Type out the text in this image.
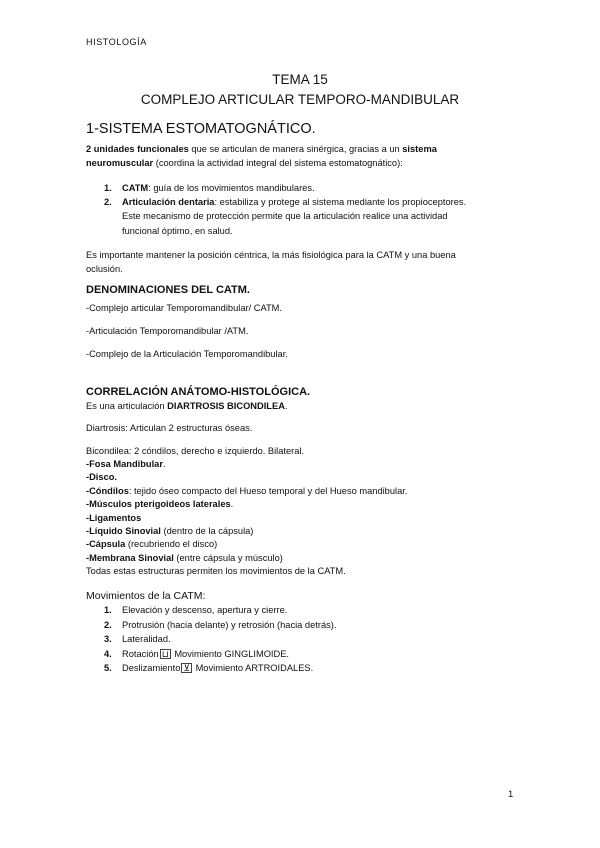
HISTOLOGÍA
TEMA 15
COMPLEJO ARTICULAR TEMPORO-MANDIBULAR
1-SISTEMA ESTOMATOGNÁTICO.
2 unidades funcionales que se articulan de manera sinérgica, gracias a un sistema
neuromuscular (coordina la actividad integral del sistema estomatognático):
1. CATM: guía de los movimientos mandibulares.
2. Articulación dentaria: estabiliza y protege al sistema mediante los propioceptores.
Este mecanismo de protección permite que la articulación realice una actividad
funcional óptimo, en salud.
Es importante mantener la posición céntrica, la más fisiológica para la CATM y una buena
oclusión.
DENOMINACIONES DEL CATM.
-Complejo articular Temporomandibular/ CATM.
-Articulación Temporomandibular /ATM.
-Complejo de la Articulación Temporomandibular.
CORRELACIÓN ANÁTOMO-HISTOLÓGICA.
Es una articulación DIARTROSIS BICONDILEA.
Diartrosis: Articulan 2 estructuras óseas.
Bicondilea: 2 cóndilos, derecho e izquierdo. Bilateral.
-Fosa Mandibular.
-Disco.
-Cóndilos: tejido óseo compacto del Hueso temporal y del Hueso mandibular.
-Músculos pterigoideos laterales.
-Ligamentos
-Líquido Sinovial (dentro de la cápsula)
-Cápsula (recubriendo el disco)
-Membrana Sinovial (entre cápsula y músculo)
Todas estas estructuras permiten los movimientos de la CATM.
Movimientos de la CATM:
1. Elevación y descenso, apertura y cierre.
2. Protrusión (hacia delante) y retrosión (hacia detrás).
3. Lateralidad.
4. Rotación ⊔ Movimiento GINGLIMOIDE.
5. Deslizamiento ⊻ Movimiento ARTROIDALES.
1
